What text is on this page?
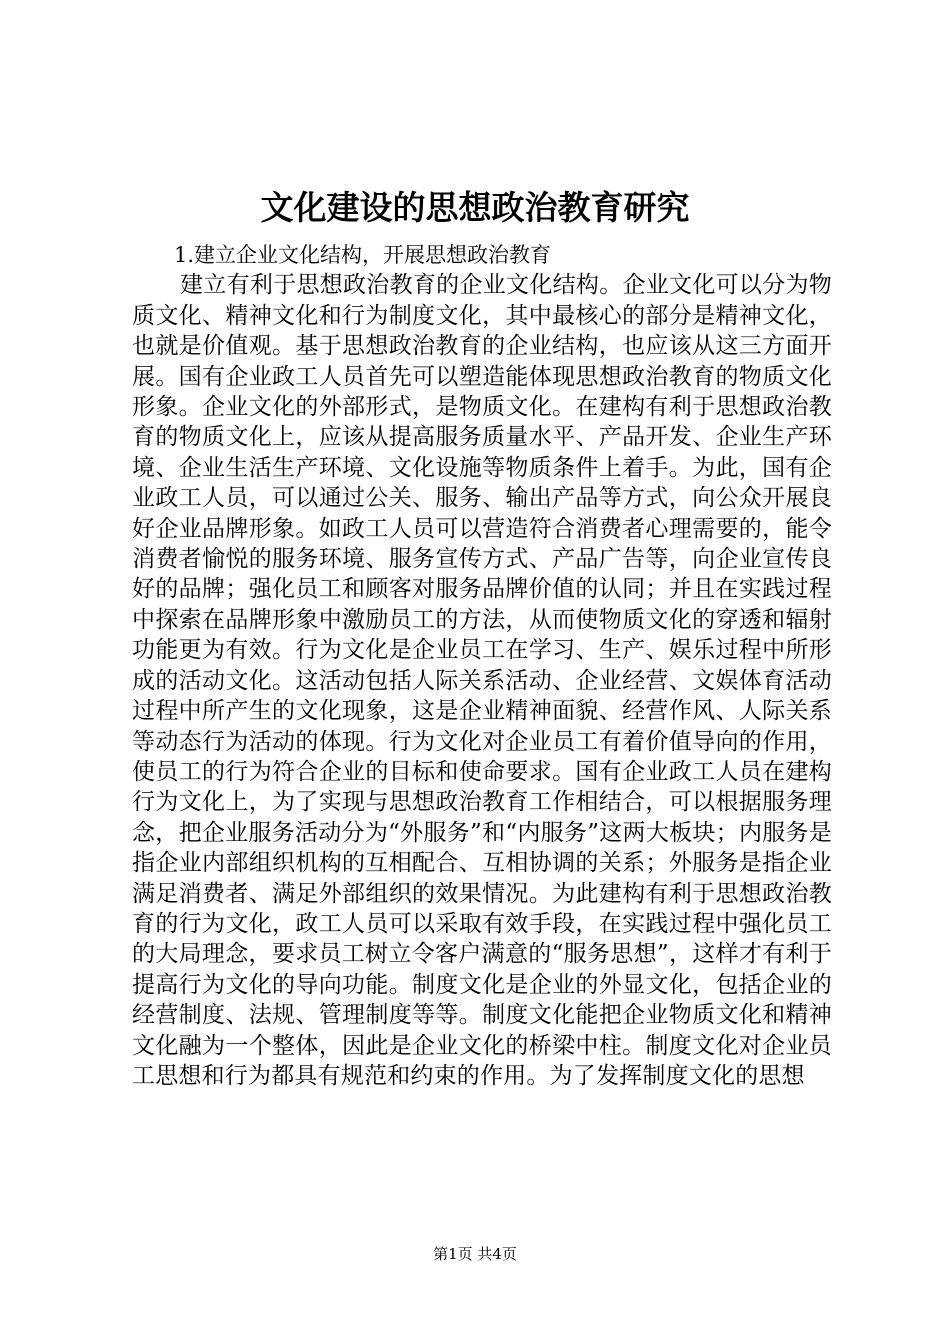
文化建设的思想政治教育研究

1.建立企业文化结构，开展思想政治教育

建立有利于思想政治教育的企业文化结构。企业文化可以分为物质文化、精神文化和行为制度文化，其中最核心的部分是精神文化，也就是价值观。基于思想政治教育的企业结构，也应该从这三方面开展。国有企业政工人员首先可以塑造能体现思想政治教育的物质文化形象。企业文化的外部形式，是物质文化。在建构有利于思想政治教育的物质文化上，应该从提高服务质量水平、产品开发、企业生产环境、企业生活生产环境、文化设施等物质条件上着手。为此，国有企业政工人员，可以通过公关、服务、输出产品等方式，向公众开展良好企业品牌形象。如政工人员可以营造符合消费者心理需要的，能令消费者愉悦的服务环境、服务宣传方式、产品广告等，向企业宣传良好的品牌；强化员工和顾客对服务品牌价值的认同；并且在实践过程中探索在品牌形象中激励员工的方法，从而使物质文化的穿透和辐射功能更为有效。行为文化是企业员工在学习、生产、娱乐过程中所形成的活动文化。这活动包括人际关系活动、企业经营、文娱体育活动过程中所产生的文化现象，这是企业精神面貌、经营作风、人际关系等动态行为活动的体现。行为文化对企业员工有着价值导向的作用，使员工的行为符合企业的目标和使命要求。国有企业政工人员在建构行为文化上，为了实现与思想政治教育工作相结合，可以根据服务理念，把企业服务活动分为“外服务”和“内服务”这两大板块；内服务是指企业内部组织机构的互相配合、互相协调的关系；外服务是指企业满足消费者、满足外部组织的效果情况。为此建构有利于思想政治教育的行为文化，政工人员可以采取有效手段，在实践过程中强化员工的大局理念，要求员工树立令客户满意的“服务思想”，这样才有利于提高行为文化的导向功能。制度文化是企业的外显文化，包括企业的经营制度、法规、管理制度等等。制度文化能把企业物质文化和精神文化融为一个整体，因此是企业文化的桥梁中柱。制度文化对企业员工思想和行为都具有规范和约束的作用。为了发挥制度文化的思想

第1页 共4页
